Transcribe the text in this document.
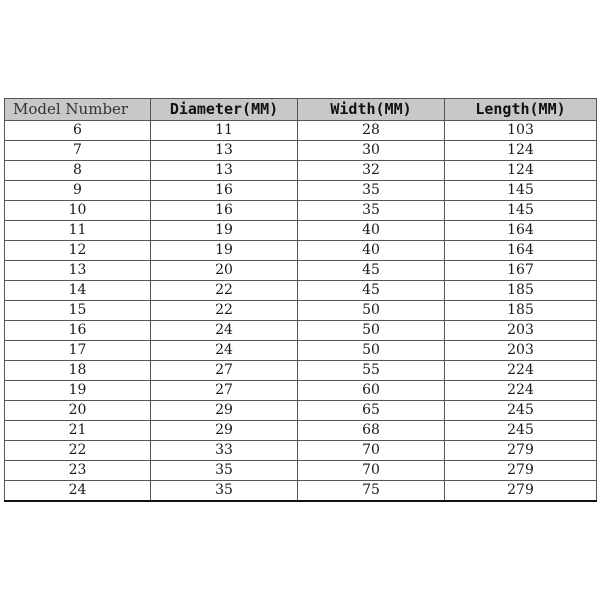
Model Number	Diameter(MM)	Width(MM)	Length(MM)
6	11	28	103
7	13	30	124
8	13	32	124
9	16	35	145
10	16	35	145
11	19	40	164
12	19	40	164
13	20	45	167
14	22	45	185
15	22	50	185
16	24	50	203
17	24	50	203
18	27	55	224
19	27	60	224
20	29	65	245
21	29	68	245
22	33	70	279
23	35	70	279
24	35	75	279
